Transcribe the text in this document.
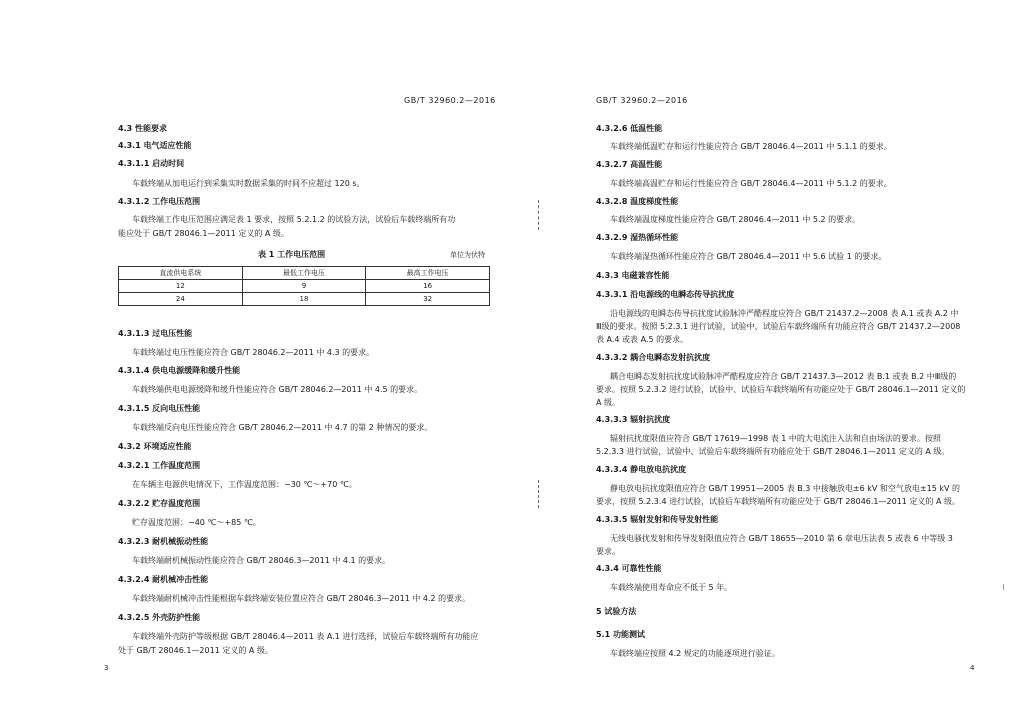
GB/T 32960.2—2016
4.3 性能要求
4.3.1 电气适应性能
4.3.1.1 启动时间
车载终端从加电运行到采集实时数据采集的时间不应超过 120 s。
4.3.1.2 工作电压范围
车载终端工作电压范围应满足表 1 要求，按照 5.2.1.2 的试验方法，试验后车载终端所有功
能应处于 GB/T 28046.1—2011 定义的 A 级。
表 1 工作电压范围	单位为伏特
直流供电系统	最低工作电压	最高工作电压
12	9	16
24	18	32
4.3.1.3 过电压性能
车载终端过电压性能应符合 GB/T 28046.2—2011 中 4.3 的要求。
4.3.1.4 供电电源缓降和缓升性能
车载终端供电电源缓降和缓升性能应符合 GB/T 28046.2—2011 中 4.5 的要求。
4.3.1.5 反向电压性能
车载终端反向电压性能应符合 GB/T 28046.2—2011 中 4.7 的第 2 种情况的要求。
4.3.2 环境适应性能
4.3.2.1 工作温度范围
在车辆主电源供电情况下，工作温度范围：−30 ℃～+70 ℃。
4.3.2.2 贮存温度范围
贮存温度范围：−40 ℃～+85 ℃。
4.3.2.3 耐机械振动性能
车载终端耐机械振动性能应符合 GB/T 28046.3—2011 中 4.1 的要求。
4.3.2.4 耐机械冲击性能
车载终端耐机械冲击性能根据车载终端安装位置应符合 GB/T 28046.3—2011 中 4.2 的要求。
4.3.2.5 外壳防护性能
车载终端外壳防护等级根据 GB/T 28046.4—2011 表 A.1 进行选择，试验后车载终端所有功能应
处于 GB/T 28046.1—2011 定义的 A 级。
3
GB/T 32960.2—2016
4.3.2.6 低温性能
车载终端低温贮存和运行性能应符合 GB/T 28046.4—2011 中 5.1.1 的要求。
4.3.2.7 高温性能
车载终端高温贮存和运行性能应符合 GB/T 28046.4—2011 中 5.1.2 的要求。
4.3.2.8 温度梯度性能
车载终端温度梯度性能应符合 GB/T 28046.4—2011 中 5.2 的要求。
4.3.2.9 湿热循环性能
车载终端湿热循环性能应符合 GB/T 28046.4—2011 中 5.6 试验 1 的要求。
4.3.3 电磁兼容性能
4.3.3.1 沿电源线的电瞬态传导抗扰度
沿电源线的电瞬态传导抗扰度试验脉冲严酷程度应符合 GB/T 21437.2—2008 表 A.1 或表 A.2 中
Ⅲ级的要求。按照 5.2.3.1 进行试验，试验中、试验后车载终端所有功能应符合 GB/T 21437.2—2008
表 A.4 或表 A.5 的要求。
4.3.3.2 耦合电瞬态发射抗扰度
耦合电瞬态发射抗扰度试验脉冲严酷程度应符合 GB/T 21437.3—2012 表 B.1 或表 B.2 中Ⅲ级的
要求。按照 5.2.3.2 进行试验，试验中、试验后车载终端所有功能应处于 GB/T 28046.1—2011 定义的
A 级。
4.3.3.3 辐射抗扰度
辐射抗扰度限值应符合 GB/T 17619—1998 表 1 中的大电流注入法和自由场法的要求。按照
5.2.3.3 进行试验，试验中、试验后车载终端所有功能应处于 GB/T 28046.1—2011 定义的 A 级。
4.3.3.4 静电放电抗扰度
静电放电抗扰度限值应符合 GB/T 19951—2005 表 B.3 中接触放电±6 kV 和空气放电±15 kV 的
要求，按照 5.2.3.4 进行试验，试验后车载终端所有功能应处于 GB/T 28046.1—2011 定义的 A 级。
4.3.3.5 辐射发射和传导发射性能
无线电骚扰发射和传导发射限值应符合 GB/T 18655—2010 第 6 章电压法表 5 或表 6 中等级 3
要求。
4.3.4 可靠性性能
车载终端使用寿命应不低于 5 年。
5 试验方法
5.1 功能测试
车载终端应按照 4.2 规定的功能逐项进行验证。
4
